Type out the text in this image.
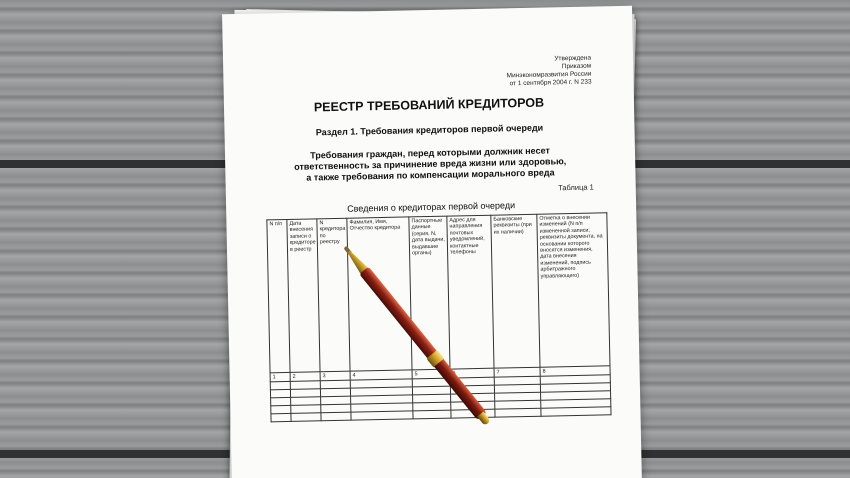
Утверждена
Приказом
Минэкономразвития России
от 1 сентября 2004 г. N 233
РЕЕСТР ТРЕБОВАНИЙ КРЕДИТОРОВ
Раздел 1. Требования кредиторов первой очереди
Требования граждан, перед которыми должник несет
ответственность за причинение вреда жизни или здоровью,
а также требования по компенсации морального вреда
Таблица 1
Сведения о кредиторах первой очереди
N п/п	Дата внесения записи о кредиторе в реестр	N кредитора по реестру	Фамилия, Имя, Отчество кредитора	Паспортные данные (серия, N, дата выдачи, выдавшие органы)	Адрес для направления почтовых уведомлений, контактные телефоны	Банковские реквизиты (при их наличии)	Отметка о внесении изменений (N п/п измененной записи; реквизиты документа, на основании которого вносятся изменения, дата внесения изменений, подпись арбитражного управляющего)
1	2	3	4	5		7	8
